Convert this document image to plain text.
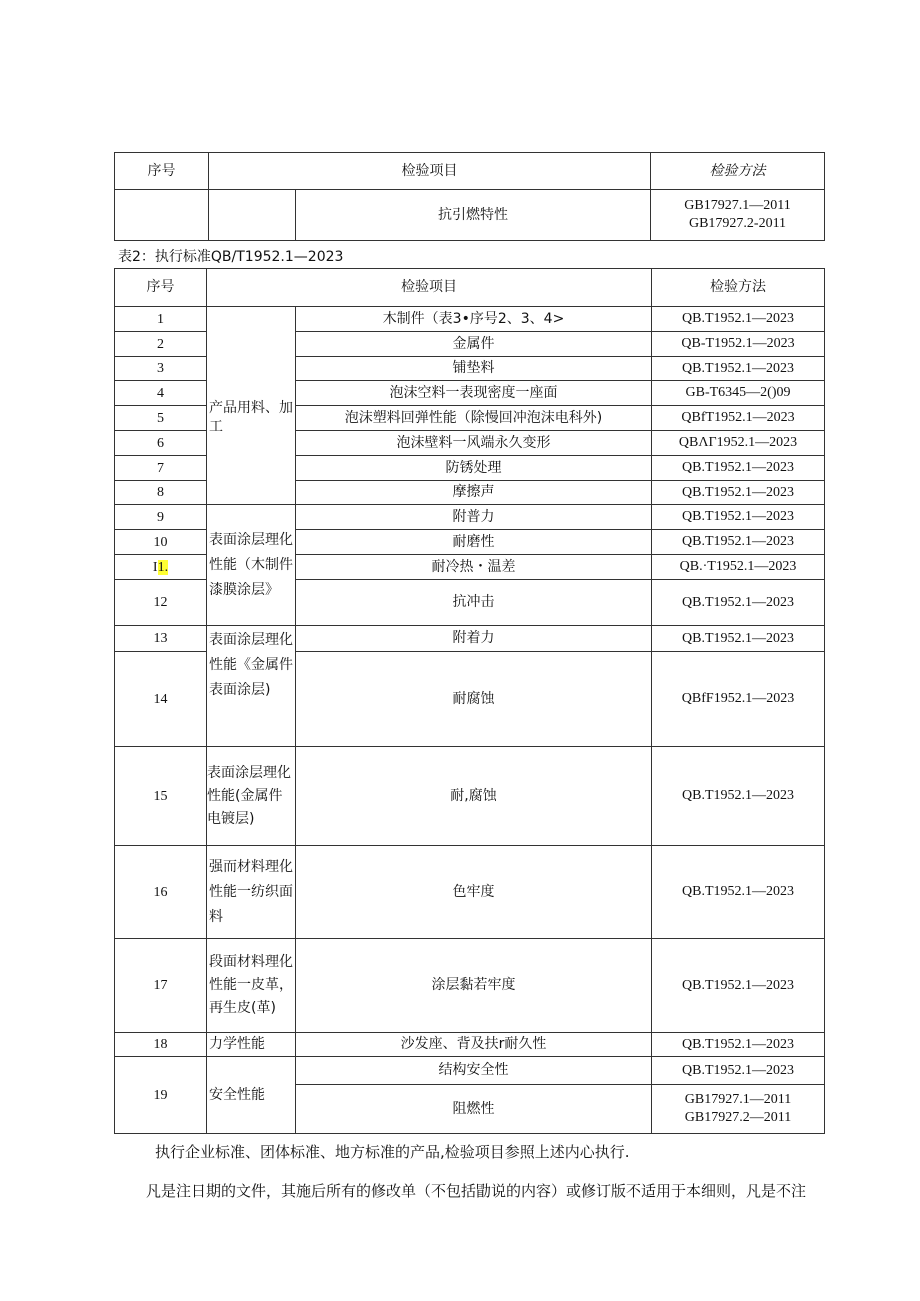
序号	检验项目		检验方法
		抗引燃特性	GB17927.1—2011
GB17927.2-2011
表2：执行标准QB/T1952.1—2023
序号	检验项目		检验方法
1	产品用料、加工	木制件（表3•序号2、3、4>	QB.T1952.1—2023
2		金属件	QB-T1952.1—2023
3		铺垫料	QB.T1952.1—2023
4		泡沫空料一表现密度一座面	GB-T6345—2()09
5		泡沫塑料回弹性能（除慢回冲泡沫电科外)	QBfT1952.1—2023
6		泡沫壁料一风端永久变形	QBΛΓ1952.1—2023
7		防锈处理	QB.T1952.1—2023
8		摩擦声	QB.T1952.1—2023
9	表面涂层理化性能（木制件漆膜涂层》	附普力	QB.T1952.1—2023
10		耐磨性	QB.T1952.1—2023
I1.		耐冷热・温差	QB.·T1952.1—2023
12		抗冲击	QB.T1952.1—2023
13	表面涂层理化性能《金属件表面涂层)	附着力	QB.T1952.1—2023
14		耐腐蚀	QBfF1952.1—2023
15	表面涂层理化性能(金属件电镀层)	耐,腐蚀	QB.T1952.1—2023
16	强而材料理化性能一纺织面料	色牢度	QB.T1952.1—2023
17	段面材料理化性能一皮革，再生皮(革)	涂层黏若牢度	QB.T1952.1—2023
18	力学性能	沙发座、背及扶r耐久性	QB.T1952.1—2023
19	安全性能	结构安全性	QB.T1952.1—2023
		阻燃性	GB17927.1—2011
GB17927.2—2011
执行企业标准、团体标准、地方标准的产品,检验项目参照上述内心执行.
凡是注日期的文件，其施后所有的修改单（不包括勖说的内容）或修订版不适用于本细则，凡是不注
